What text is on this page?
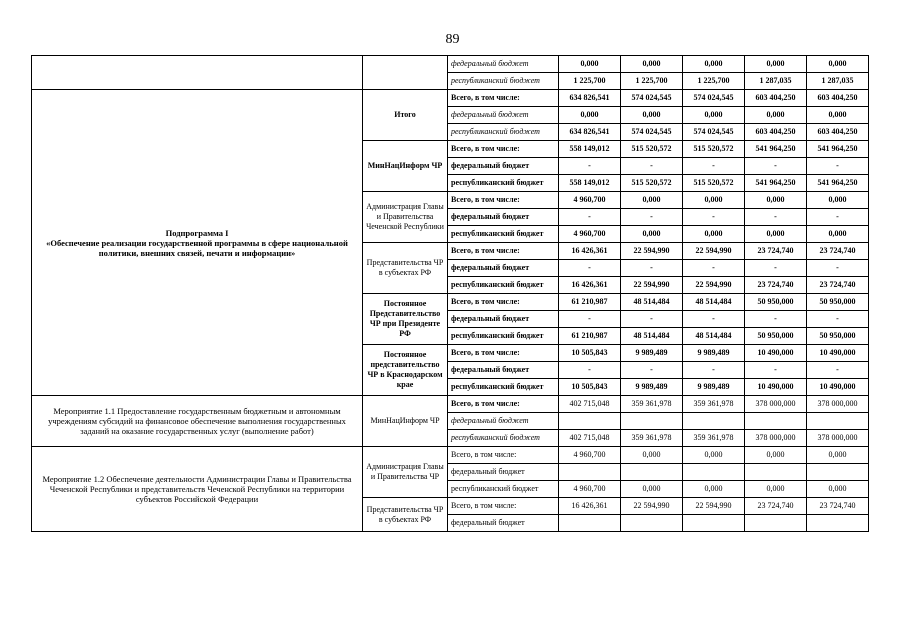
89
		федеральный бюджет	0,000	0,000	0,000	0,000	0,000
		республиканский бюджет	1 225,700	1 225,700	1 225,700	1 287,035	1 287,035

Подпрограмма I
«Обеспечение реализации государственной программы в сфере национальной политики, внешних связей, печати и информации»	Итого	Всего, в том числе:	634 826,541	574 024,545	574 024,545	603 404,250	603 404,250
		федеральный бюджет	0,000	0,000	0,000	0,000	0,000
		республиканский бюджет	634 826,541	574 024,545	574 024,545	603 404,250	603 404,250
	МинНацИнформ ЧР	Всего, в том числе:	558 149,012	515 520,572	515 520,572	541 964,250	541 964,250
		федеральный бюджет	-	-	-	-	-
		республиканский бюджет	558 149,012	515 520,572	515 520,572	541 964,250	541 964,250
	Администрация Главы и Правительства Чеченской Республики	Всего, в том числе:	4 960,700	0,000	0,000	0,000	0,000
		федеральный бюджет	-	-	-	-	-
		республиканский бюджет	4 960,700	0,000	0,000	0,000	0,000
	Представительства ЧР в субъектах РФ	Всего, в том числе:	16 426,361	22 594,990	22 594,990	23 724,740	23 724,740
		федеральный бюджет	-	-	-	-	-
		республиканский бюджет	16 426,361	22 594,990	22 594,990	23 724,740	23 724,740
	Постоянное Представительство ЧР при Президенте РФ	Всего, в том числе:	61 210,987	48 514,484	48 514,484	50 950,000	50 950,000
		федеральный бюджет	-	-	-	-	-
		республиканский бюджет	61 210,987	48 514,484	48 514,484	50 950,000	50 950,000
	Постоянное представительство ЧР в Краснодарском крае	Всего, в том числе:	10 505,843	9 989,489	9 989,489	10 490,000	10 490,000
		федеральный бюджет	-	-	-	-	-
		республиканский бюджет	10 505,843	9 989,489	9 989,489	10 490,000	10 490,000
Мероприятие 1.1 Предоставление государственным бюджетным и автономным учреждениям субсидий на финансовое обеспечение выполнения государственных заданий на оказание государственных услуг (выполнение работ)	МинНацИнформ ЧР	Всего, в том числе:	402 715,048	359 361,978	359 361,978	378 000,000	378 000,000
		федеральный бюджет					
		республиканский бюджет	402 715,048	359 361,978	359 361,978	378 000,000	378 000,000
Мероприятие 1.2 Обеспечение деятельности Администрации Главы и Правительства Чеченской Республики и представительств Чеченской Республики на территории субъектов Российской Федерации	Администрация Главы и Правительства ЧР	Всего, в том числе:	4 960,700	0,000	0,000	0,000	0,000
		федеральный бюджет					
		республиканский бюджет	4 960,700	0,000	0,000	0,000	0,000
	Представительства ЧР в субъектах РФ	Всего, в том числе:	16 426,361	22 594,990	22 594,990	23 724,740	23 724,740
		федеральный бюджет					
